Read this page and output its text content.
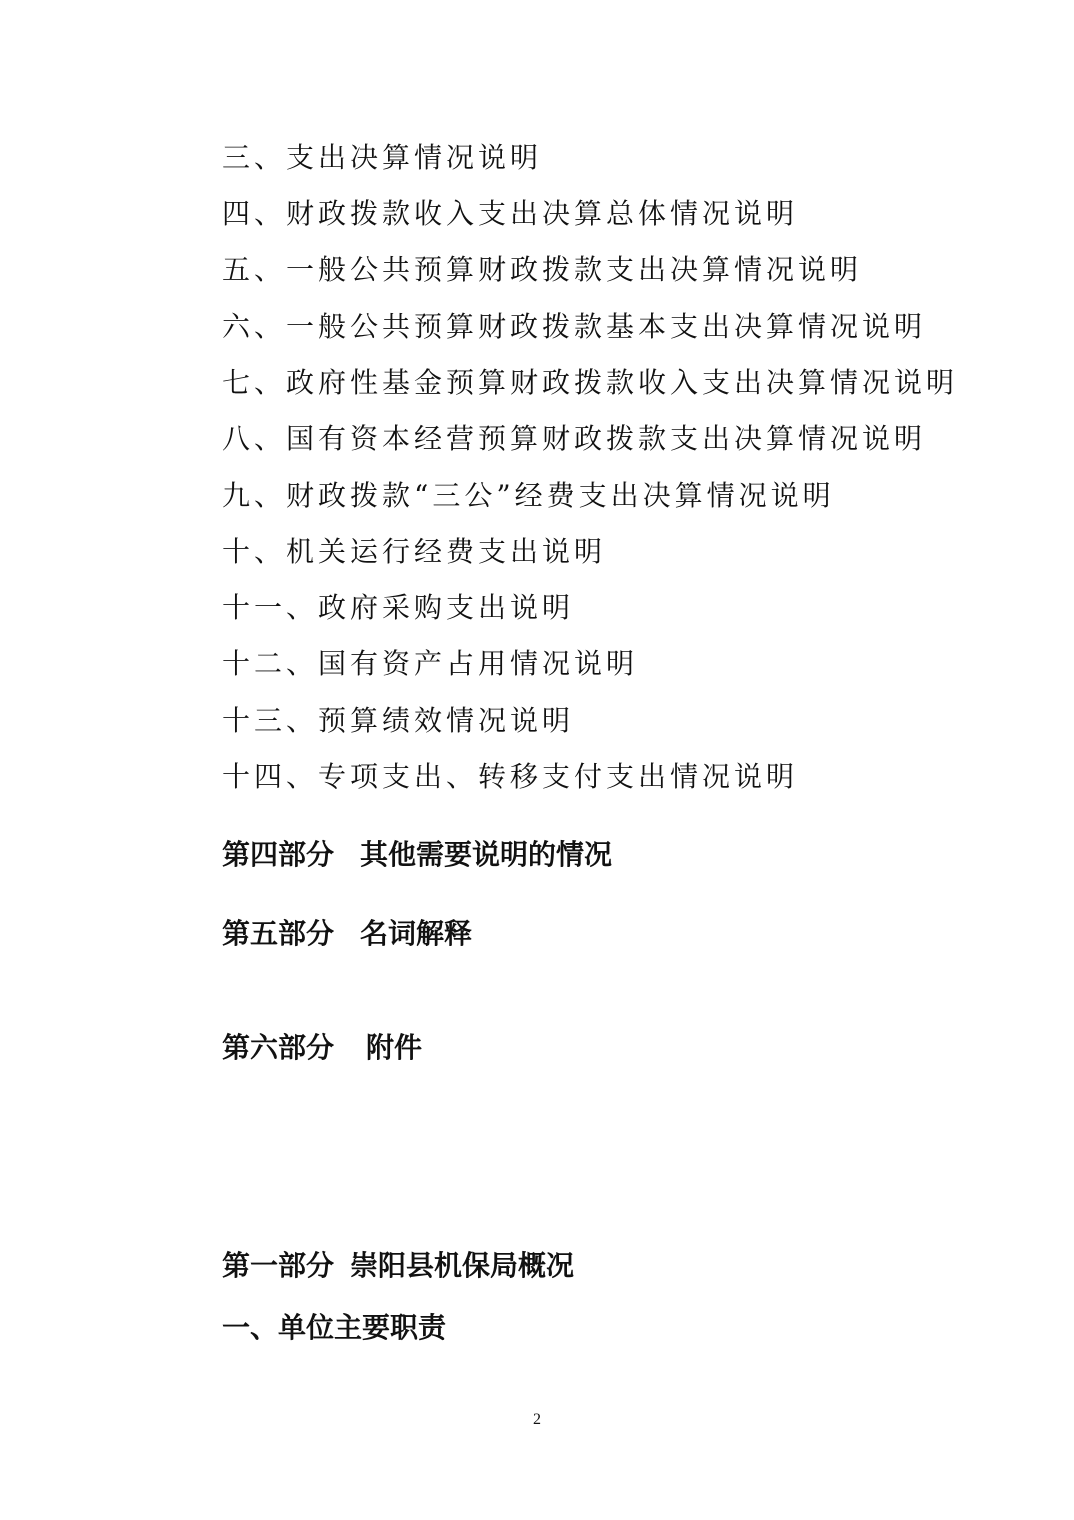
三、支出决算情况说明
四、财政拨款收入支出决算总体情况说明
五、一般公共预算财政拨款支出决算情况说明
六、一般公共预算财政拨款基本支出决算情况说明
七、政府性基金预算财政拨款收入支出决算情况说明
八、国有资本经营预算财政拨款支出决算情况说明
九、财政拨款“三公”经费支出决算情况说明
十、机关运行经费支出说明
十一、政府采购支出说明
十二、国有资产占用情况说明
十三、预算绩效情况说明
十四、专项支出、转移支付支出情况说明
第四部分 其他需要说明的情况
第五部分 名词解释
第六部分 附件
第一部分 崇阳县机保局概况
一、单位主要职责
2
